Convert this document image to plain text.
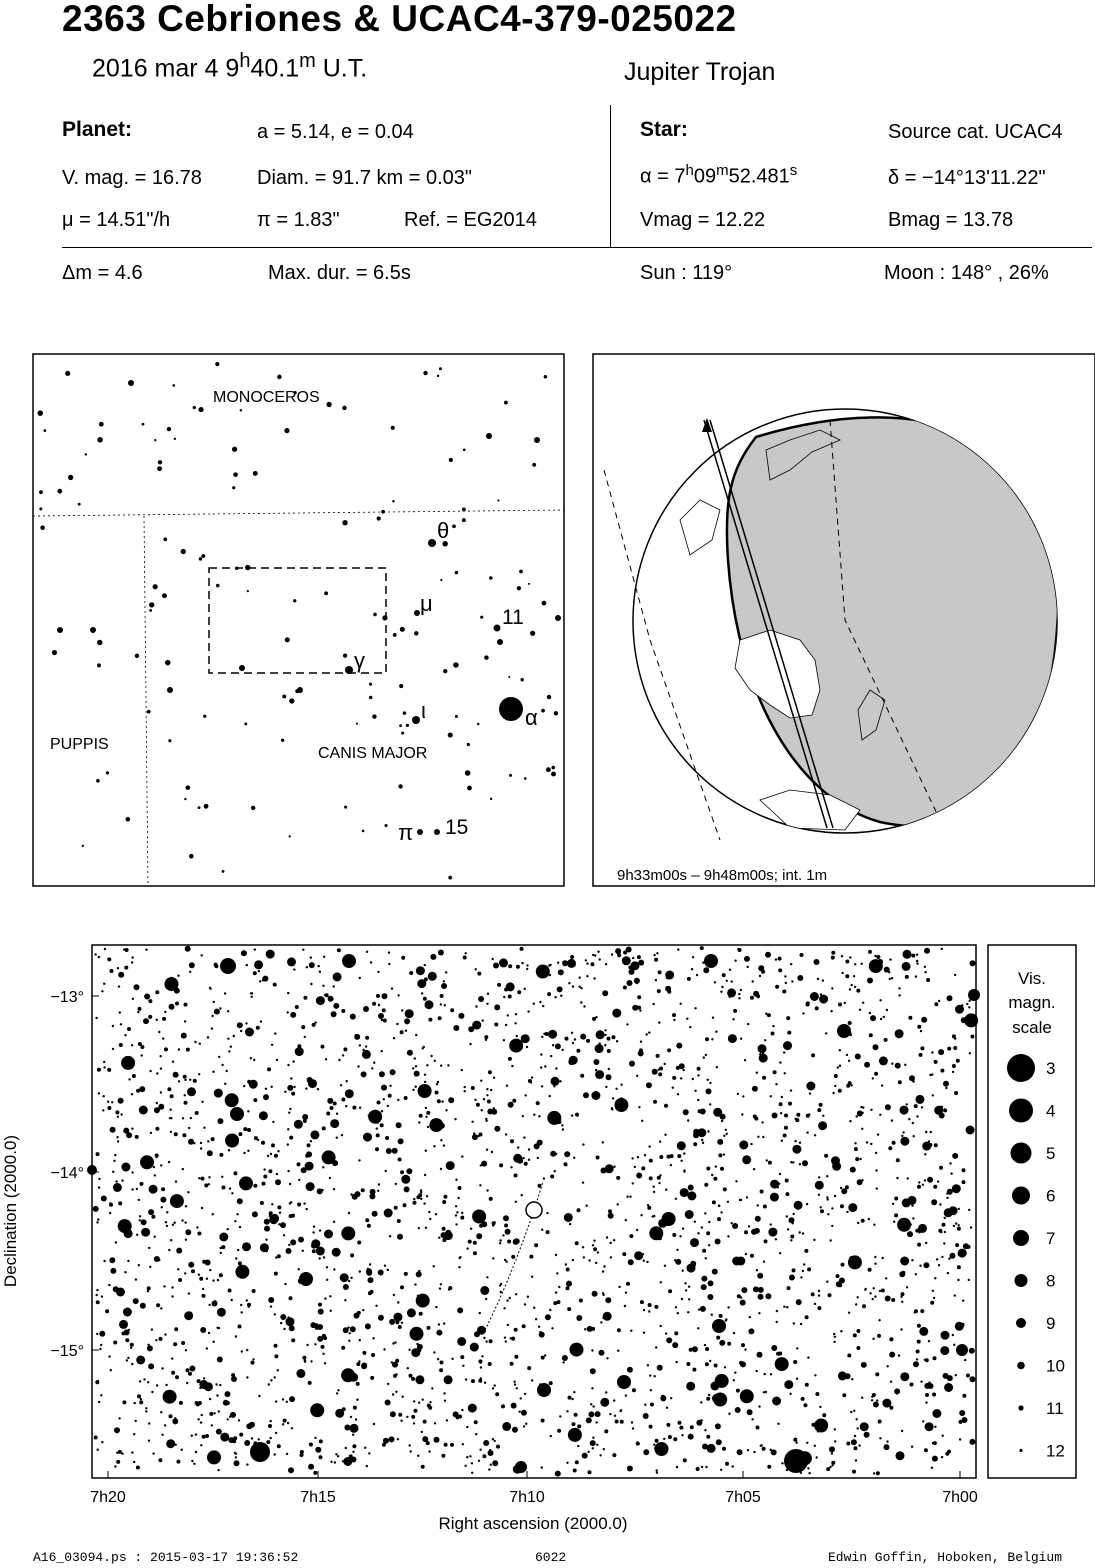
2363 Cebriones & UCAC4-379-025022
2016 mar 4 9$^h$40.1$^m$ U.T.	Jupiter Trojan
Planet:	a = 5.14, e = 0.04
V. mag. = 16.78	Diam. = 91.7 km = 0.03"
μ = 14.51"/h	π = 1.83"	Ref. = EG2014
Star:	Source cat. UCAC4
$\alpha = 7^h09^m52.481^s$	δ = −14°13'11.22"
Vmag = 12.22	Bmag = 13.78
Δm = 4.6	Max. dur. = 6.5s	Sun : 119°	Moon : 148° , 26%
MONOCEROS
PUPPIS
CANIS MAJOR
θ
μ
11
γ
ι	α
π 15
9h33m00s – 9h48m00s; int. 1m
7h20	7h15	7h10	7h05	7h00
−13°
−14°
−15°
Right ascension (2000.0)
Declination (2000.0)
Vis.
magn.
scale
3
4
5
6
7
8
9
10
11
12
A16_03094.ps : 2015-03-17 19:36:52	6022	Edwin Goffin, Hoboken, Belgium
